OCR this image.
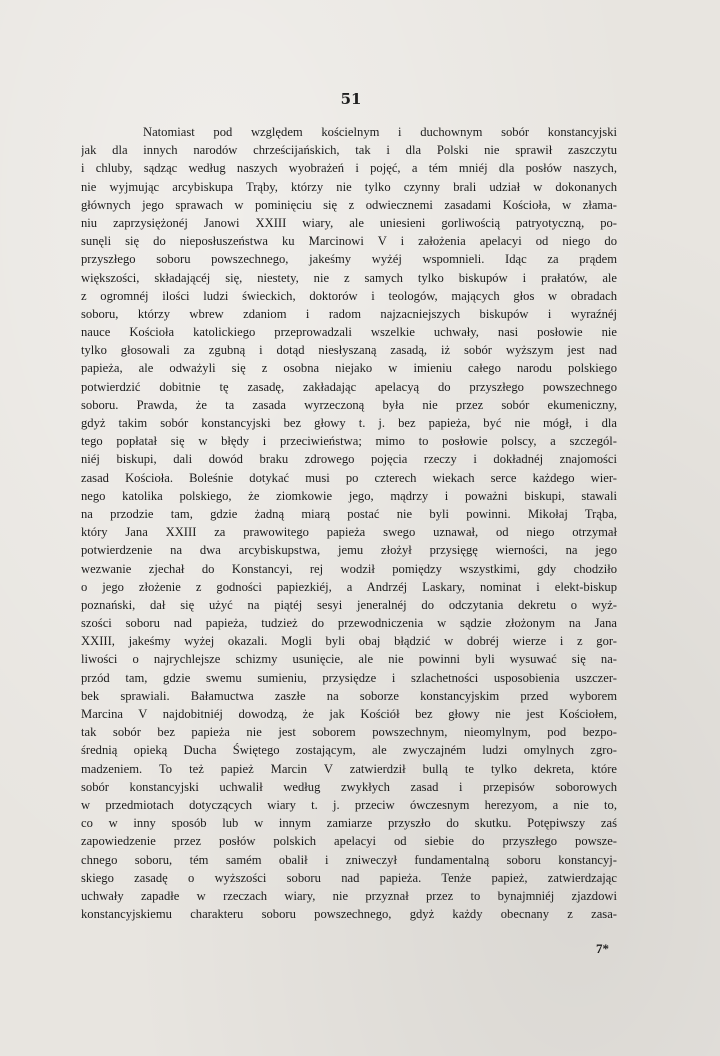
51
Natomiast pod względem kościelnym i duchownym sobór konstancyjski
jak dla innych narodów chrześcijańskich, tak i dla Polski nie sprawił zaszczytu
i chluby, sądząc według naszych wyobrażeń i pojęć, a tém mniéj dla posłów naszych,
nie wyjmując arcybiskupa Trąby, którzy nie tylko czynny brali udział w dokonanych
głównych jego sprawach w pominięciu się z odwiecznemi zasadami Kościoła, w złama-
niu zaprzysiężonéj Janowi XXIII wiary, ale uniesieni gorliwością patryotyczną, po-
sunęli się do nieposłuszeństwa ku Marcinowi V i założenia apelacyi od niego do
przyszłego soboru powszechnego, jakeśmy wyżéj wspomnieli. Idąc za prądem
większości, składającéj się, niestety, nie z samych tylko biskupów i prałatów, ale
z ogromnéj ilości ludzi świeckich, doktorów i teologów, mających głos w obradach
soboru, którzy wbrew zdaniom i radom najzacniejszych biskupów i wyraźnéj
nauce Kościoła katolickiego przeprowadzali wszelkie uchwały, nasi posłowie nie
tylko głosowali za zgubną i dotąd niesłyszaną zasadą, iż sobór wyższym jest nad
papieża, ale odważyli się z osobna niejako w imieniu całego narodu polskiego
potwierdzić dobitnie tę zasadę, zakładając apelacyą do przyszłego powszechnego
soboru. Prawda, że ta zasada wyrzeczoną była nie przez sobór ekumeniczny,
gdyż takim sobór konstancyjski bez głowy t. j. bez papieża, być nie mógł, i dla
tego popłatał się w błędy i przeciwieństwa; mimo to posłowie polscy, a szczegól-
niéj biskupi, dali dowód braku zdrowego pojęcia rzeczy i dokładnéj znajomości
zasad Kościoła. Boleśnie dotykać musi po czterech wiekach serce każdego wier-
nego katolika polskiego, że ziomkowie jego, mądrzy i poważni biskupi, stawali
na przodzie tam, gdzie żadną miarą postać nie byli powinni. Mikołaj Trąba,
który Jana XXIII za prawowitego papieża swego uznawał, od niego otrzymał
potwierdzenie na dwa arcybiskupstwa, jemu złożył przysięgę wierności, na jego
wezwanie zjechał do Konstancyi, rej wodził pomiędzy wszystkimi, gdy chodziło
o jego złożenie z godności papiezkiéj, a Andrzéj Laskary, nominat i elekt-biskup
poznański, dał się użyć na piątéj sesyi jeneralnéj do odczytania dekretu o wyż-
szości soboru nad papieża, tudzież do przewodniczenia w sądzie złożonym na Jana
XXIII, jakeśmy wyżej okazali. Mogli byli obaj błądzić w dobréj wierze i z gor-
liwości o najrychlejsze schizmy usunięcie, ale nie powinni byli wysuwać się na-
przód tam, gdzie swemu sumieniu, przysiędze i szlachetności usposobienia uszczer-
bek sprawiali. Bałamuctwa zaszłe na soborze konstancyjskim przed wyborem
Marcina V najdobitniéj dowodzą, że jak Kościół bez głowy nie jest Kościołem,
tak sobór bez papieża nie jest soborem powszechnym, nieomylnym, pod bezpo-
średnią opieką Ducha Świętego zostającym, ale zwyczajném ludzi omylnych zgro-
madzeniem. To też papież Marcin V zatwierdził bullą te tylko dekreta, które
sobór konstancyjski uchwalił według zwykłych zasad i przepisów soborowych
w przedmiotach dotyczących wiary t. j. przeciw ówczesnym herezyom, a nie to,
co w inny sposób lub w innym zamiarze przyszło do skutku. Potępiwszy zaś
zapowiedzenie przez posłów polskich apelacyi od siebie do przyszłego powsze-
chnego soboru, tém samém obalił i zniweczył fundamentalną soboru konstancyj-
skiego zasadę o wyższości soboru nad papieża. Tenże papież, zatwierdzając
uchwały zapadłe w rzeczach wiary, nie przyznał przez to bynajmniéj zjazdowi
konstancyjskiemu charakteru soboru powszechnego, gdyż każdy obecnany z zasa-
7*
